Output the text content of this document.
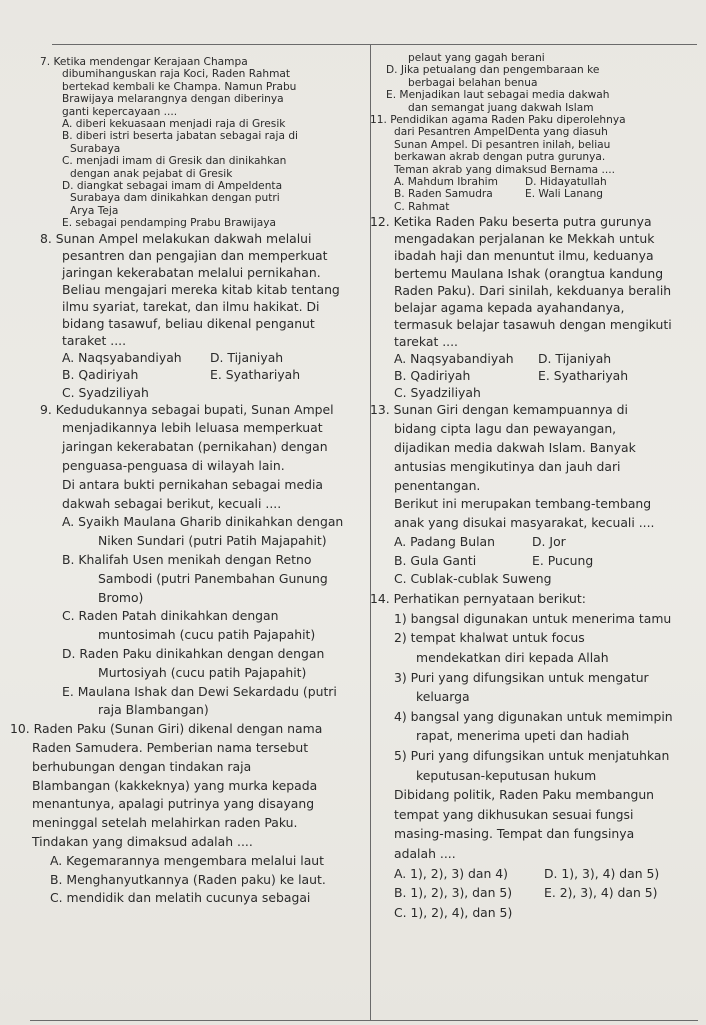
7. Ketika mendengar Kerajaan Champa
dibumihanguskan raja Koci, Raden Rahmat
bertekad kembali ke Champa. Namun Prabu
Brawijaya melarangnya dengan diberinya
ganti kepercayaan ....
A. diberi kekuasaan menjadi raja di Gresik
B. diberi istri beserta jabatan sebagai raja di
Surabaya
C. menjadi imam di Gresik dan dinikahkan
dengan anak pejabat di Gresik
D. diangkat sebagai imam di Ampeldenta
Surabaya dam dinikahkan dengan putri
Arya Teja
E. sebagai pendamping Prabu Brawijaya
8. Sunan Ampel melakukan dakwah melalui
pesantren dan pengajian dan memperkuat
jaringan kekerabatan melalui pernikahan.
Beliau mengajari mereka kitab kitab tentang
ilmu syariat, tarekat, dan ilmu hakikat. Di
bidang tasawuf, beliau dikenal penganut
taraket ....
A. Naqsyabandiyah	D. Tijaniyah
B. Qadiriyah	E. Syathariyah
C. Syadziliyah
9. Kedudukannya sebagai bupati, Sunan Ampel
menjadikannya lebih leluasa memperkuat
jaringan kekerabatan (pernikahan) dengan
penguasa-penguasa di wilayah lain.
Di antara bukti pernikahan sebagai media
dakwah sebagai berikut, kecuali ....
A. Syaikh Maulana Gharib dinikahkan dengan
Niken Sundari (putri Patih Majapahit)
B. Khalifah Usen menikah dengan Retno
Sambodi (putri Panembahan Gunung
Bromo)
C. Raden Patah dinikahkan dengan
muntosimah (cucu patih Pajapahit)
D. Raden Paku dinikahkan dengan dengan
Murtosiyah (cucu patih Pajapahit)
E. Maulana Ishak dan Dewi Sekardadu (putri
raja Blambangan)
10. Raden Paku (Sunan Giri) dikenal dengan nama
Raden Samudera. Pemberian nama tersebut
berhubungan dengan tindakan raja
Blambangan (kakkeknya) yang murka kepada
menantunya, apalagi putrinya yang disayang
meninggal setelah melahirkan raden Paku.
Tindakan yang dimaksud adalah ....
A. Kegemarannya mengembara melalui laut
B. Menghanyutkannya (Raden paku) ke laut.
C. mendidik dan melatih cucunya sebagai
pelaut yang gagah berani
D. Jika petualang dan pengembaraan ke
berbagai belahan benua
E. Menjadikan laut sebagai media dakwah
dan semangat juang dakwah Islam
11. Pendidikan agama Raden Paku diperolehnya
dari Pesantren AmpelDenta yang diasuh
Sunan Ampel. Di pesantren inilah, beliau
berkawan akrab dengan putra gurunya.
Teman akrab yang dimaksud Bernama ....
A. Mahdum Ibrahim	D. Hidayatullah
B. Raden Samudra	E. Wali Lanang
C. Rahmat
12. Ketika Raden Paku beserta putra gurunya
mengadakan perjalanan ke Mekkah untuk
ibadah haji dan menuntut ilmu, keduanya
bertemu Maulana Ishak (orangtua kandung
Raden Paku). Dari sinilah, kekduanya beralih
belajar agama kepada ayahandanya,
termasuk belajar tasawuh dengan mengikuti
tarekat ....
A. Naqsyabandiyah	D. Tijaniyah
B. Qadiriyah	E. Syathariyah
C. Syadziliyah
13. Sunan Giri dengan kemampuannya di
bidang cipta lagu dan pewayangan,
dijadikan media dakwah Islam. Banyak
antusias mengikutinya dan jauh dari
penentangan.
Berikut ini merupakan tembang-tembang
anak yang disukai masyarakat, kecuali ....
A. Padang Bulan	D. Jor
B. Gula Ganti	E. Pucung
C. Cublak-cublak Suweng
14. Perhatikan pernyataan berikut:
1) bangsal digunakan untuk menerima tamu
2) tempat khalwat untuk focus
mendekatkan diri kepada Allah
3) Puri yang difungsikan untuk mengatur
keluarga
4) bangsal yang digunakan untuk memimpin
rapat, menerima upeti dan hadiah
5) Puri yang difungsikan untuk menjatuhkan
keputusan-keputusan hukum
Dibidang politik, Raden Paku membangun
tempat yang dikhusukan sesuai fungsi
masing-masing. Tempat dan fungsinya
adalah ....
A. 1), 2), 3) dan 4)	D. 1), 3), 4) dan 5)
B. 1), 2), 3), dan 5)	E. 2), 3), 4) dan 5)
C. 1), 2), 4), dan 5)
